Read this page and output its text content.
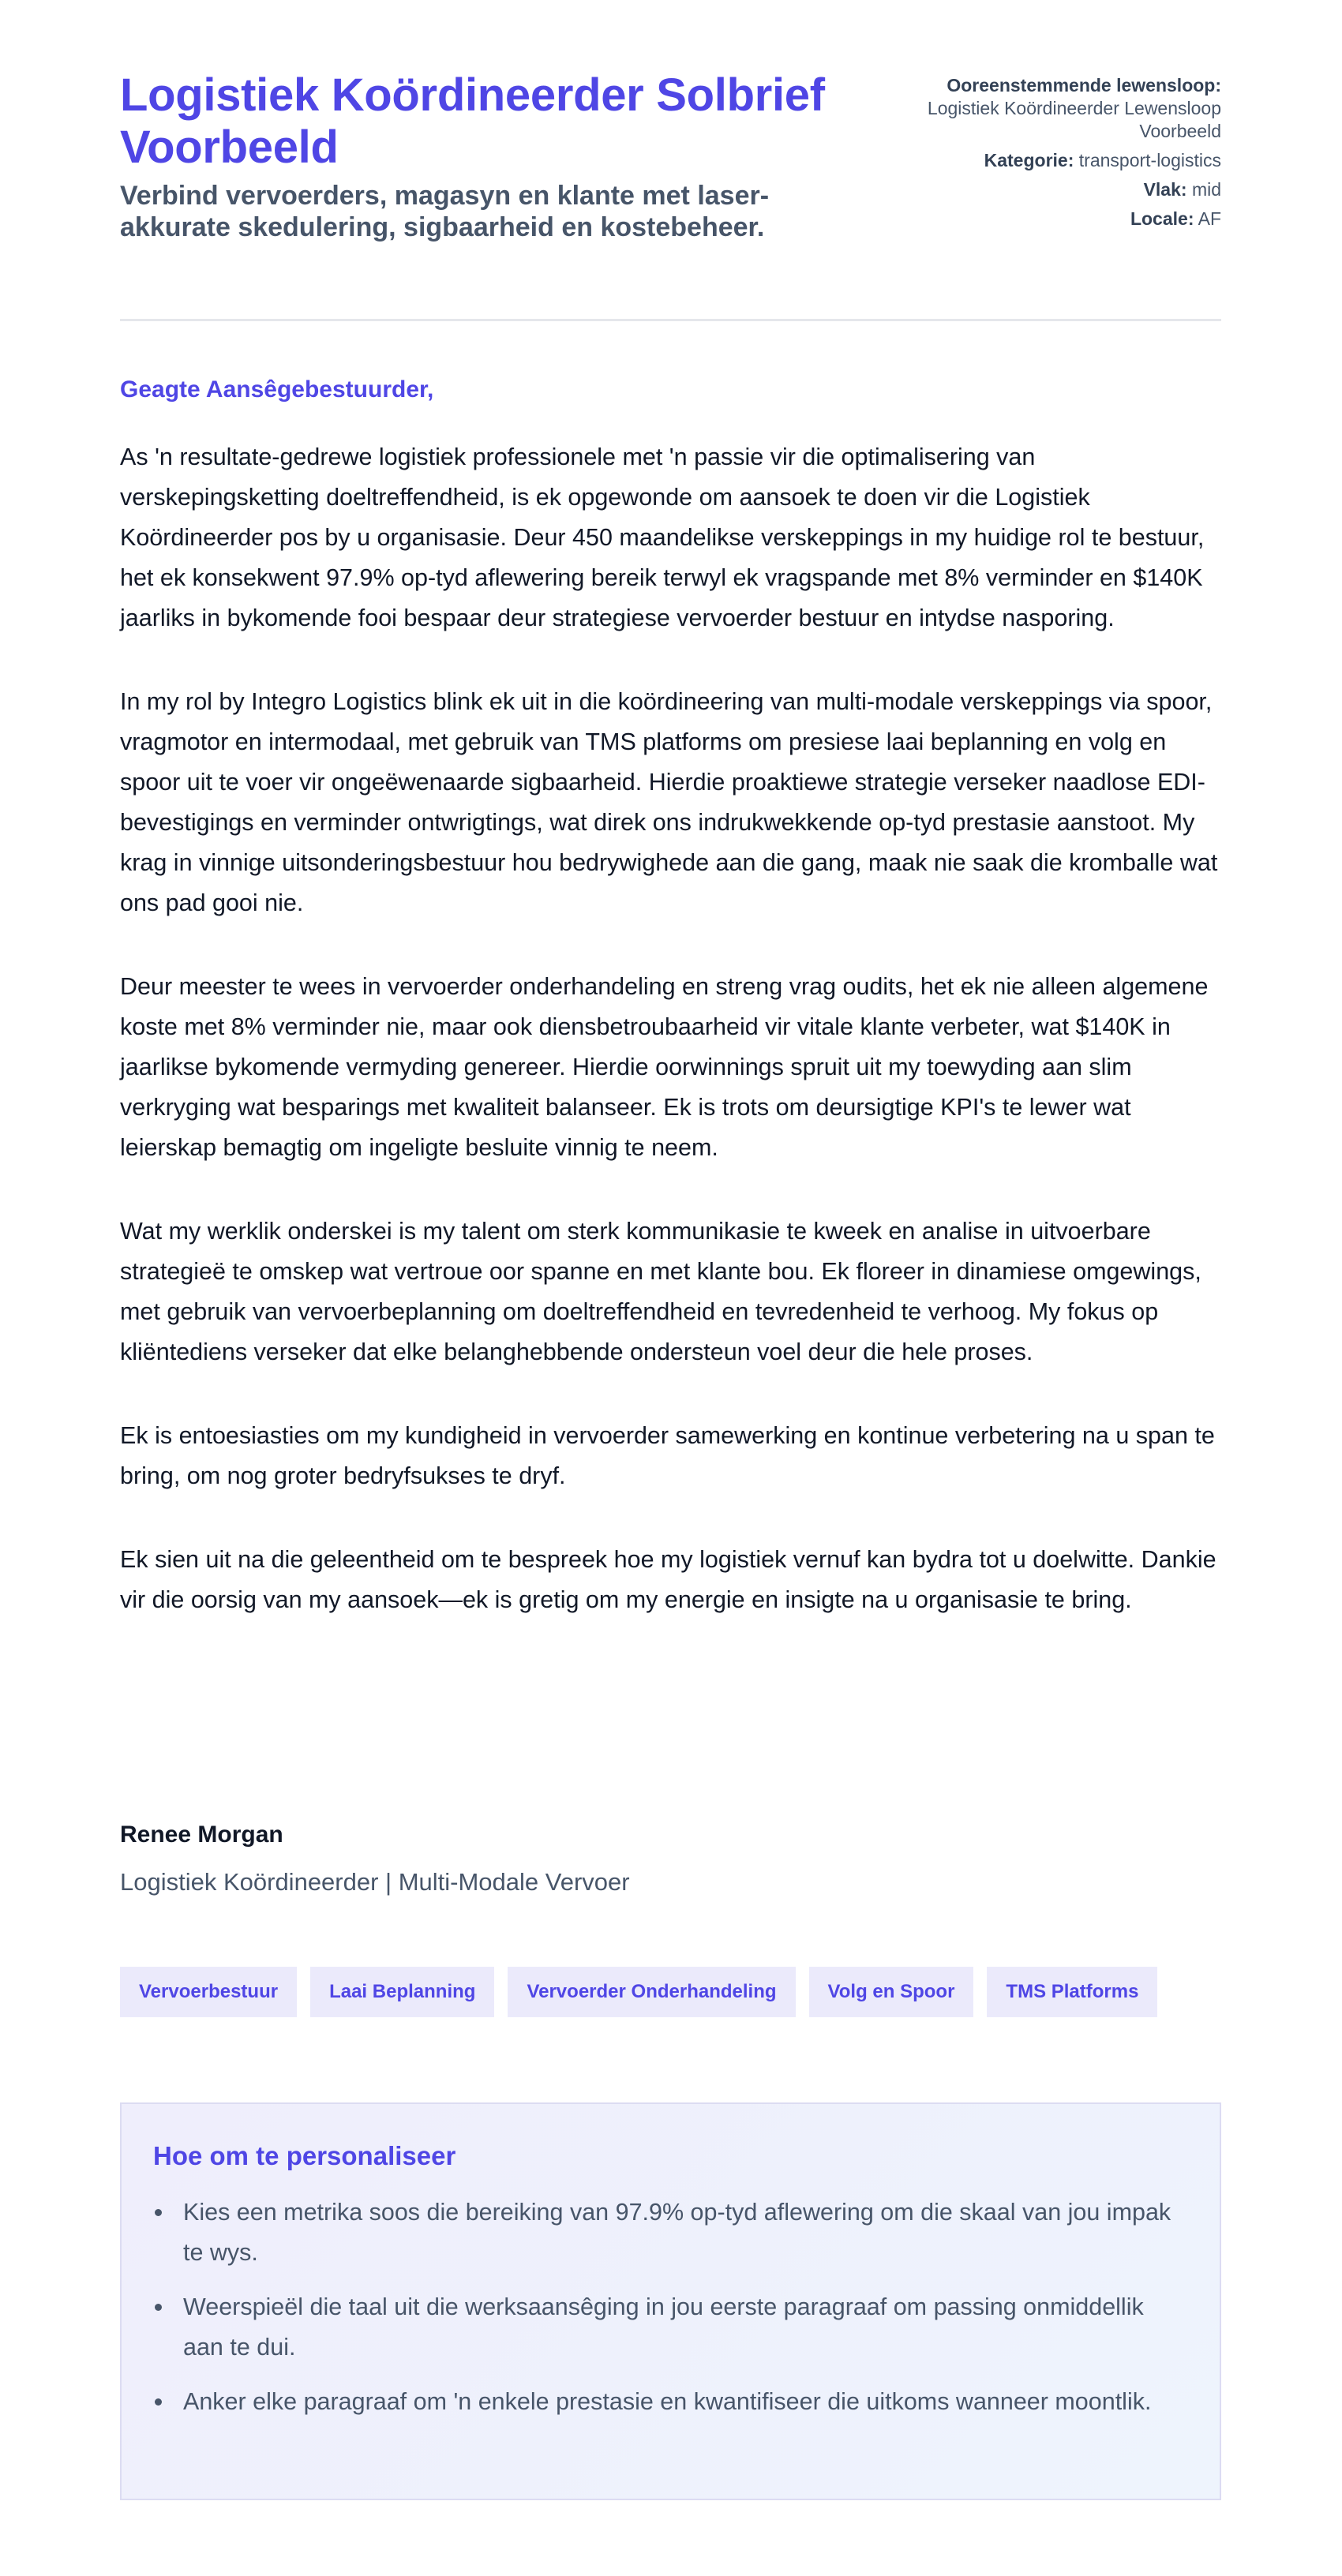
Logistiek Koördineerder Solbrief Voorbeeld
Verbind vervoerders, magasyn en klante met laser-akkurate skedulering, sigbaarheid en kostebeheer.
Ooreenstemmende lewensloop:
Logistiek Koördineerder Lewensloop Voorbeeld
Kategorie: transport-logistics
Vlak: mid
Locale: AF
Geagte Aansêgebestuurder,

As 'n resultate-gedrewe logistiek professionele met 'n passie vir die optimalisering van verskepingsketting doeltreffendheid, is ek opgewonde om aansoek te doen vir die Logistiek Koördineerder pos by u organisasie. Deur 450 maandelikse verskeppings in my huidige rol te bestuur, het ek konsekwent 97.9% op-tyd aflewering bereik terwyl ek vragspande met 8% verminder en $140K jaarliks in bykomende fooi bespaar deur strategiese vervoerder bestuur en intydse nasporing.

In my rol by Integro Logistics blink ek uit in die koördineering van multi-modale verskeppings via spoor, vragmotor en intermodaal, met gebruik van TMS platforms om presiese laai beplanning en volg en spoor uit te voer vir ongeëwenaarde sigbaarheid. Hierdie proaktiewe strategie verseker naadlose EDI-bevestigings en verminder ontwrigtings, wat direk ons indrukwekkende op-tyd prestasie aanstoot. My krag in vinnige uitsonderingsbestuur hou bedrywighede aan die gang, maak nie saak die kromballe wat ons pad gooi nie.

Deur meester te wees in vervoerder onderhandeling en streng vrag oudits, het ek nie alleen algemene koste met 8% verminder nie, maar ook diensbetroubaarheid vir vitale klante verbeter, wat $140K in jaarlikse bykomende vermyding genereer. Hierdie oorwinnings spruit uit my toewyding aan slim verkryging wat besparings met kwaliteit balanseer. Ek is trots om deursigtige KPI's te lewer wat leierskap bemagtig om ingeligte besluite vinnig te neem.

Wat my werklik onderskei is my talent om sterk kommunikasie te kweek en analise in uitvoerbare strategieë te omskep wat vertroue oor spanne en met klante bou. Ek floreer in dinamiese omgewings, met gebruik van vervoerbeplanning om doeltreffendheid en tevredenheid te verhoog. My fokus op kliëntediens verseker dat elke belanghebbende ondersteun voel deur die hele proses.

Ek is entoesiasties om my kundigheid in vervoerder samewerking en kontinue verbetering na u span te bring, om nog groter bedryfsukses te dryf.

Ek sien uit na die geleentheid om te bespreek hoe my logistiek vernuf kan bydra tot u doelwitte. Dankie vir die oorsig van my aansoek—ek is gretig om my energie en insigte na u organisasie te bring.

Renee Morgan
Logistiek Koördineerder | Multi-Modale Vervoer
Vervoerbestuur	Laai Beplanning	Vervoerder Onderhandeling	Volg en Spoor	TMS Platforms
Hoe om te personaliseer
Kies een metrika soos die bereiking van 97.9% op-tyd aflewering om die skaal van jou impak te wys.
Weerspieël die taal uit die werksaansêging in jou eerste paragraaf om passing onmiddellik aan te dui.
Anker elke paragraaf om 'n enkele prestasie en kwantifiseer die uitkoms wanneer moontlik.
